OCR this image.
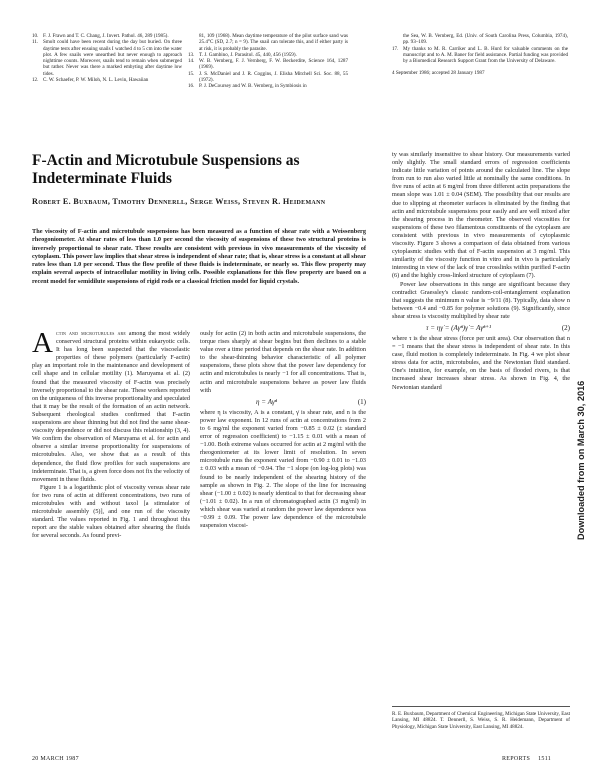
10. F. J. Frawn and T. C. Chang, J. Invert. Pathol. 46, 289 (1985).
11. Smolt could have been recent during the day but buried. On three daytime tests after ensuing snails I watched 4 to 5 cm into the water plot. A few snails were unearthed but never enough to approach nighttime counts. Moreover, snails tend to remain when submerged but rather. Never was there a marked embyting after daytime low tides.
12. C. W. Schaefer, P. W. Miloh, N. L. Levin, Hawaiian
81, 109 (1968). Mean daytime temperature of the pilot surface sand was 25.4°C (SD, 2.7; n = 9). The snail can tolerate this, and if either party is at risk, it is probably the parasite.
13. T. J. Gambino, J. Parasitol. 45, 440, 456 (1959).
14. W. B. Vernberg, F. J. Vernberg, F. W. Beckerdite, Science 164, 1287 (1969).
15. J. S. McDaniel and J. R. Coggins, J. Elisha Mitchell Sci. Soc. 88, 55 (1972).
16. P. J. DeCoursey and W. B. Vernberg, in Symbiosis in
the Sea, W. B. Vernberg, Ed. (Univ. of South Carolina Press, Columbia, 1974), pp. 93–109.
17. My thanks to M. R. Carriker and L. B. Hurd for valuable comments on the manuscript and to A. M. Baner for field assistance. Partial funding was provided by a Biomedical Research Support Grant from the University of Delaware.
4 September 1986; accepted 28 January 1987
F-Actin and Microtubule Suspensions as Indeterminate Fluids
Robert E. Buxbaum, Timothy Dennerll, Serge Weiss, Steven R. Heidemann

The viscosity of F-actin and microtubule suspensions has been measured as a function of shear rate with a Weissenberg rheogoniometer. At shear rates of less than 1.0 per second the viscosity of suspensions of these two structural proteins is inversely proportional to shear rate. These results are consistent with previous in vivo measurements of the viscosity of cytoplasm. This power law implies that shear stress is independent of shear rate; that is, shear stress is a constant at all shear rates less than 1.0 per second. Thus the flow profile of these fluids is indeterminate, or nearly so. This flow property may explain several aspects of intracellular motility in living cells. Possible explanations for this flow property are based on a recent model for semidilute suspensions of rigid rods or a classical friction model for liquid crystals.

Actin and microtubules are among the most widely conserved structural proteins within eukaryotic cells. It has long been suspected that the viscoelastic properties of these polymers (particularly F-actin) play an important role in the maintenance and development of cell shape and in cellular motility (1). Maruyama et al. (2) found that the measured viscosity of F-actin was precisely inversely proportional to the shear rate. These workers reported on the uniqueness of this inverse proportionality and speculated that it may be the result of the formation of an actin network. Subsequent rheological studies confirmed that F-actin suspensions are shear thinning but did not find the same shear-viscosity dependence or did not discuss this relationship (3, 4). We confirm the observation of Maruyama et al. for actin and observe a similar inverse proportionality for suspensions of microtubules. Also, we show that as a result of this dependence, the fluid flow profiles for such suspensions are indeterminate. That is, a given force does not fix the velocity of movement in these fluids.

Figure 1 is a logarithmic plot of viscosity versus shear rate for two runs of actin at different concentrations, two runs of microtubules with and without taxol [a stimulator of microtubule assembly (5)], and one run of the viscosity standard. The values reported in Fig. 1 and throughout this report are the stable values obtained after shearing the fluids for several seconds. As found previ-

ously for actin (2) in both actin and microtubule suspensions, the torque rises sharply at shear begins but then declines to a stable value over a time period that depends on the shear rate. In addition to the shear-thinning behavior characteristic of all polymer suspensions, these plots show that the power law dependency for actin and microtubules is nearly −1 for all concentrations. That is, actin and microtubule suspensions behave as power law fluids with

η = Aγ̇ⁿ	(1)

where η is viscosity, A is a constant, γ̇ is shear rate, and n is the power law exponent. In 12 runs of actin at concentrations from 2 to 6 mg/ml the exponent varied from −0.85 ± 0.02 (± standard error of regression coefficient) to −1.15 ± 0.01 with a mean of −1.00. Both extreme values occurred for actin at 2 mg/ml with the rheogoniometer at its lower limit of resolution. In seven microtubule runs the exponent varied from −0.90 ± 0.01 to −1.03 ± 0.03 with a mean of −0.94. The −1 slope (on log-log plots) was found to be nearly independent of the shearing history of the sample as shown in Fig. 2. The slope of the line for increasing shear (−1.00 ± 0.02) is nearly identical to that for decreasing shear (−1.01 ± 0.02). In a run of chromatographed actin (3 mg/ml) in which shear was varied at random the power law dependence was −0.99 ± 0.09. The power law dependence of the microtubule suspension viscosi-

ty was similarly insensitive to shear history. Our measurements varied only slightly. The small standard errors of regression coefficients indicate little variation of points around the calculated line. The slope from run to run also varied little at nominally the same conditions. In five runs of actin at 6 mg/ml from three different actin preparations the mean slope was 1.01 ± 0.04 (SEM). The possibility that our results are due to slipping at rheometer surfaces is eliminated by the finding that actin and microtubule suspensions pour easily and are well mixed after the shearing process in the rheometer. The observed viscosities for suspensions of these two filamentous constituents of the cytoplasm are consistent with previous in vivo measurements of cytoplasmic viscosity. Figure 3 shows a comparison of data obtained from various cytoplasmic studies with that of F-actin suspension at 3 mg/ml. This similarity of the viscosity function in vitro and in vivo is particularly interesting in view of the lack of true crosslinks within purified F-actin (6) and the highly cross-linked structure of cytoplasm (7).

Power law observations in this range are significant because they contradict Graessley's classic random-coil-entanglement explanation that suggests the minimum n value is −9/11 (8). Typically, data show n between −0.4 and −0.85 for polymer solutions (9). Significantly, since shear stress is viscosity multiplied by shear rate

τ = ηγ̇ = (Aγ̇ⁿ)γ̇ = Aγ̇ⁿ⁺¹	(2)

where τ is the shear stress (force per unit area). Our observation that n = −1 means that the shear stress is independent of shear rate. In this case, fluid motion is completely indeterminate. In Fig. 4 we plot shear stress data for actin, microtubules, and the Newtonian fluid standard. One's intuition, for example, on the basis of flooded rivers, is that increased shear increases shear stress. As shown in Fig. 4, the Newtonian standard

R. E. Buxbaum, Department of Chemical Engineering, Michigan State University, East Lansing, MI 48824. T. Dennerll, S. Weiss, S. R. Heidemann, Department of Physiology, Michigan State University, East Lansing, MI 48824.
20 MARCH 1987	REPORTS 1511
Downloaded from on March 30, 2016
